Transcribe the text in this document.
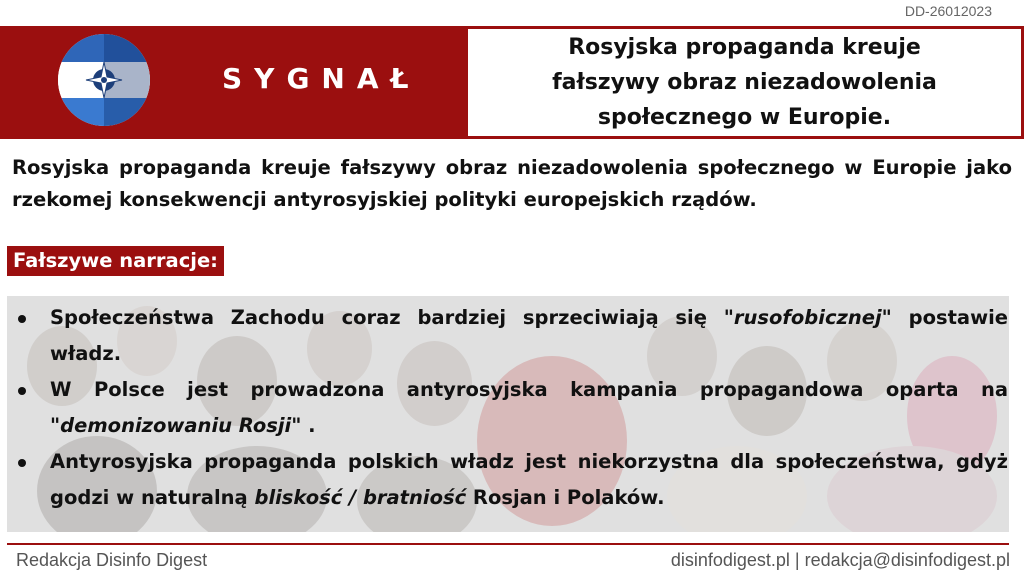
DD-26012023
SYGNAŁ
Rosyjska propaganda kreuje fałszywy obraz niezadowolenia społecznego w Europie.
Rosyjska propaganda kreuje fałszywy obraz niezadowolenia społecznego w Europie jako rzekomej konsekwencji antyrosyjskiej polityki europejskich rządów.
Fałszywe narracje:
Społeczeństwa Zachodu coraz bardziej sprzeciwiają się "rusofobicznej" postawie władz.
W Polsce jest prowadzona antyrosyjska kampania propagandowa oparta na "demonizowaniu Rosji" .
Antyrosyjska propaganda polskich władz jest niekorzystna dla społeczeństwa, gdyż godzi w naturalną bliskość / bratniość Rosjan i Polaków.
Redakcja Disinfo Digest	disinfodigest.pl | redakcja@disinfodigest.pl
